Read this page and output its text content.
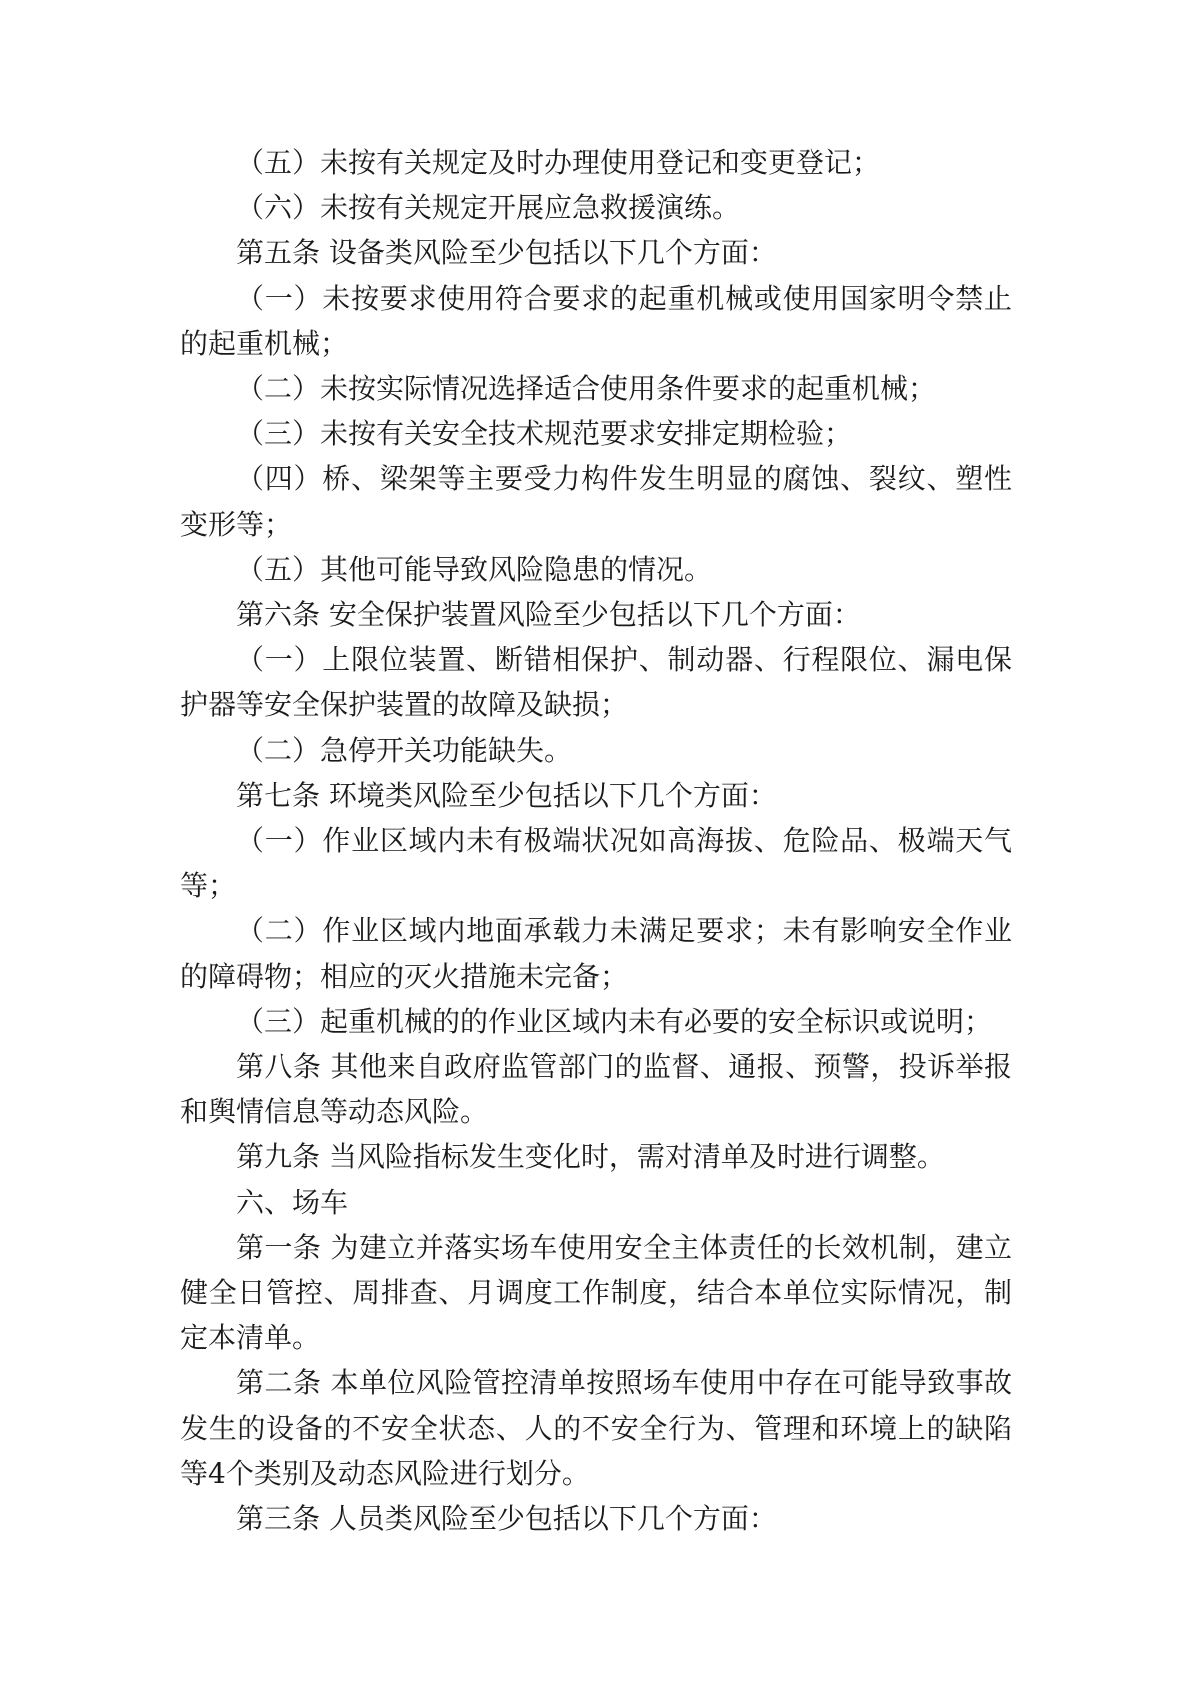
（五）未按有关规定及时办理使用登记和变更登记；

（六）未按有关规定开展应急救援演练。

第五条 设备类风险至少包括以下几个方面：

（一）未按要求使用符合要求的起重机械或使用国家明令禁止的起重机械；

（二）未按实际情况选择适合使用条件要求的起重机械；

（三）未按有关安全技术规范要求安排定期检验；

（四）桥、梁架等主要受力构件发生明显的腐蚀、裂纹、塑性变形等；

（五）其他可能导致风险隐患的情况。

第六条 安全保护装置风险至少包括以下几个方面：

（一）上限位装置、断错相保护、制动器、行程限位、漏电保护器等安全保护装置的故障及缺损；

（二）急停开关功能缺失。

第七条 环境类风险至少包括以下几个方面：

（一）作业区域内未有极端状况如高海拔、危险品、极端天气等；

（二）作业区域内地面承载力未满足要求；未有影响安全作业的障碍物；相应的灭火措施未完备；

（三）起重机械的的作业区域内未有必要的安全标识或说明；

第八条 其他来自政府监管部门的监督、通报、预警，投诉举报和舆情信息等动态风险。

第九条 当风险指标发生变化时，需对清单及时进行调整。

六、场车

第一条 为建立并落实场车使用安全主体责任的长效机制，建立健全日管控、周排查、月调度工作制度，结合本单位实际情况，制定本清单。

第二条 本单位风险管控清单按照场车使用中存在可能导致事故发生的设备的不安全状态、人的不安全行为、管理和环境上的缺陷等4个类别及动态风险进行划分。

第三条 人员类风险至少包括以下几个方面：
